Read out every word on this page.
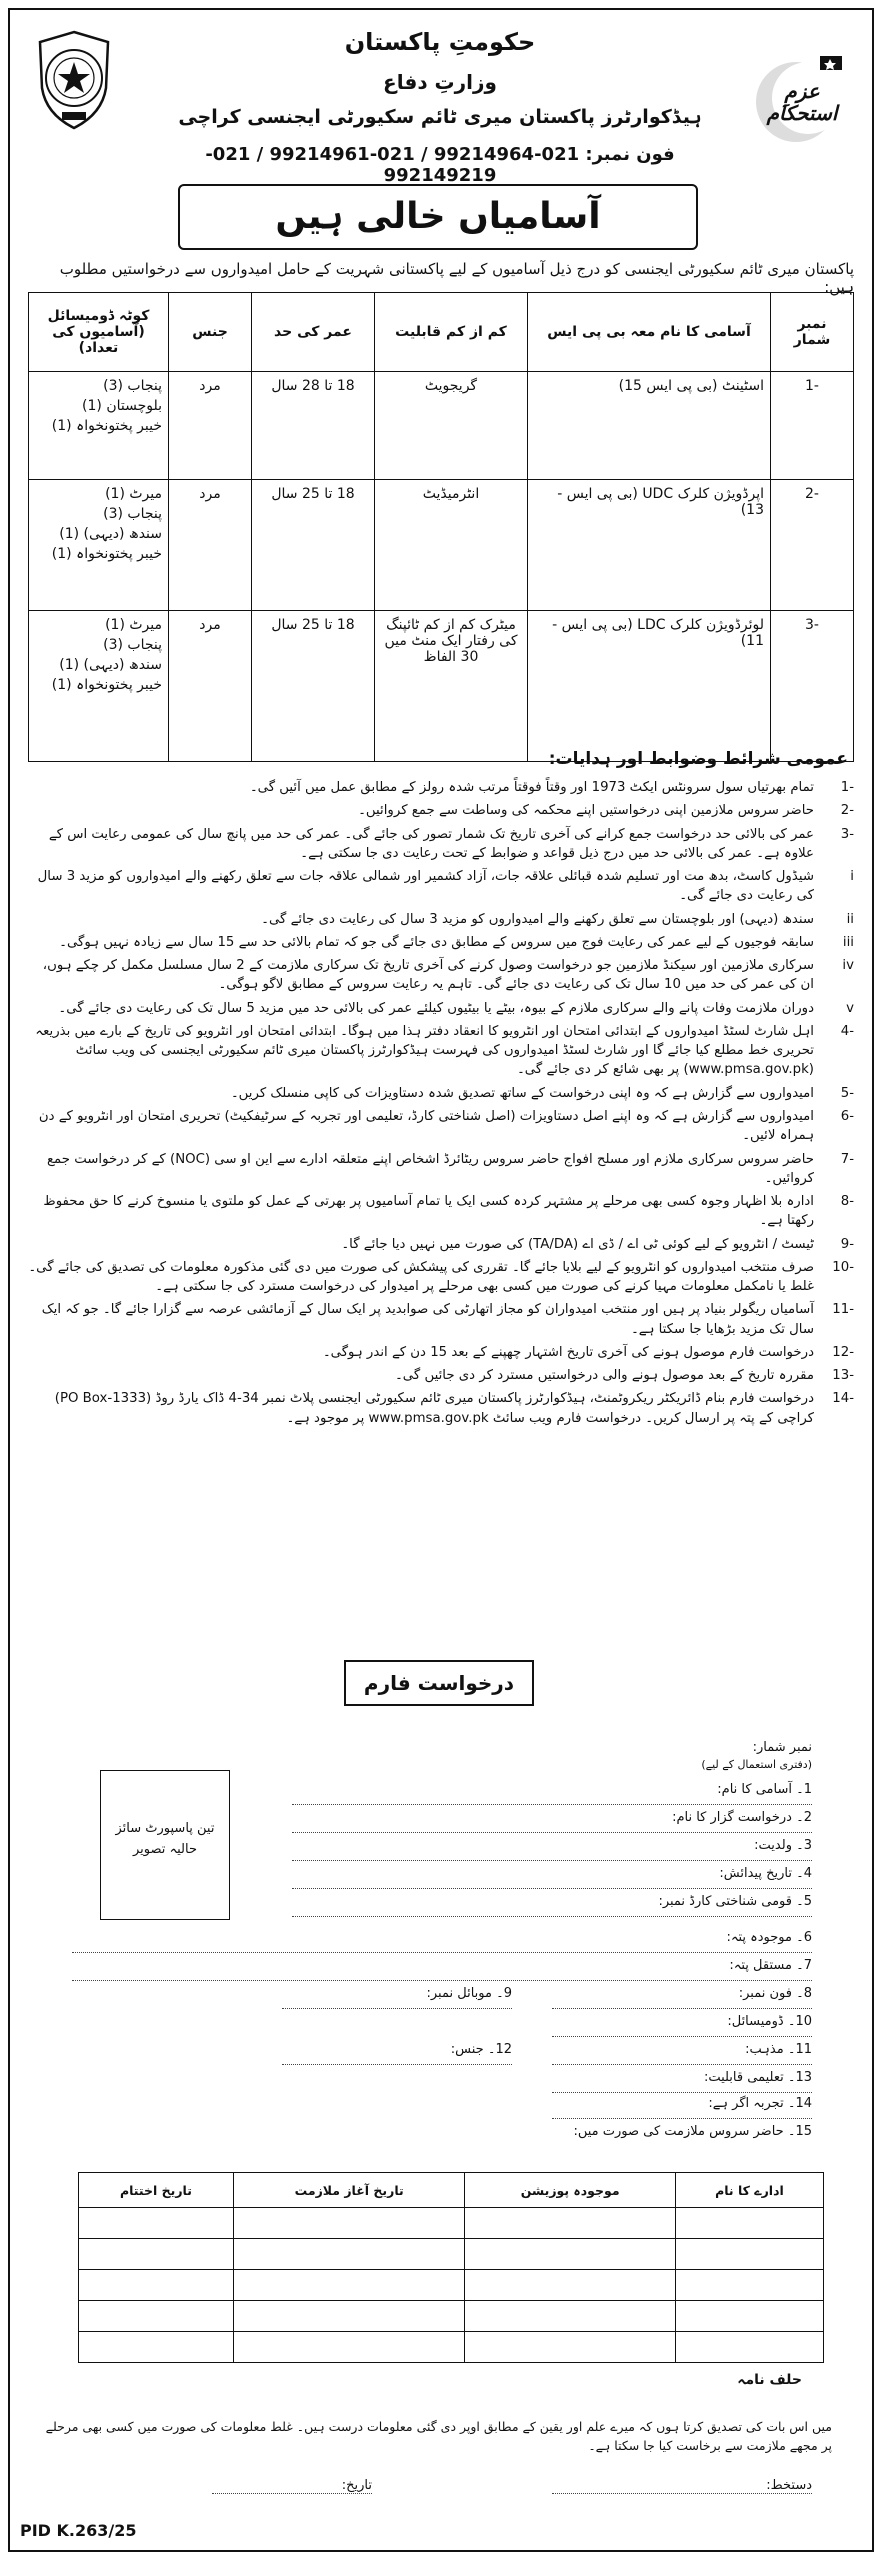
عزمِ استحکام
حکومتِ پاکستان
وزارتِ دفاع
ہیڈکوارٹرز پاکستان میری ٹائم سکیورٹی ایجنسی کراچی
فون نمبر: 021-99214964 / 021-99214961 / 021-992149219
آسامیاں خالی ہیں
پاکستان میری ٹائم سکیورٹی ایجنسی کو درج ذیل آسامیوں کے لیے پاکستانی شہریت کے حامل امیدواروں سے درخواستیں مطلوب ہیں:
نمبر شمار	آسامی کا نام معہ بی پی ایس	کم از کم قابلیت	عمر کی حد	جنس	کوٹہ ڈومیسائل (آسامیوں کی تعداد)
-1	اسٹینٹ (بی پی ایس 15)	گریجویٹ	18 تا 28 سال	مرد	پنجاب (3)
بلوچستان (1)
خیبر پختونخواہ (1)

-2	اپرڈویژن کلرک UDC (بی پی ایس - 13)	انٹرمیڈیٹ	18 تا 25 سال	مرد	میرٹ (1)
پنجاب (3)
سندھ (دیہی) (1)
خیبر پختونخواہ (1)

-3	لوئرڈویژن کلرک LDC (بی پی ایس - 11)	میٹرک کم از کم ٹائپنگ کی رفتار ایک منٹ میں 30 الفاظ	18 تا 25 سال	مرد	میرٹ (1)
پنجاب (3)
سندھ (دیہی) (1)
خیبر پختونخواہ (1)
عمومی شرائط وضوابط اور ہدایات:
-1
تمام بھرتیاں سول سرونٹس ایکٹ 1973 اور وقتاً فوقتاً مرتب شدہ رولز کے مطابق عمل میں آئیں گی۔
-2
حاضر سروس ملازمین اپنی درخواستیں اپنے محکمہ کی وساطت سے جمع کروائیں۔
-3
عمر کی بالائی حد درخواست جمع کرانے کی آخری تاریخ تک شمار تصور کی جائے گی۔ عمر کی حد میں پانچ سال کی عمومی رعایت اس کے علاوہ ہے۔ عمر کی بالائی حد میں درج ذیل قواعد و ضوابط کے تحت رعایت دی جا سکتی ہے۔
i
شیڈول کاسٹ، بدھ مت اور تسلیم شدہ قبائلی علاقہ جات، آزاد کشمیر اور شمالی علاقہ جات سے تعلق رکھنے والے امیدواروں کو مزید 3 سال کی رعایت دی جائے گی۔
ii
سندھ (دیہی) اور بلوچستان سے تعلق رکھنے والے امیدواروں کو مزید 3 سال کی رعایت دی جائے گی۔
iii
سابقہ فوجیوں کے لیے عمر کی رعایت فوج میں سروس کے مطابق دی جائے گی جو کہ تمام بالائی حد سے 15 سال سے زیادہ نہیں ہوگی۔
iv
سرکاری ملازمین اور سیکنڈ ملازمین جو درخواست وصول کرنے کی آخری تاریخ تک سرکاری ملازمت کے 2 سال مسلسل مکمل کر چکے ہوں، ان کی عمر کی حد میں 10 سال تک کی رعایت دی جائے گی۔ تاہم یہ رعایت سروس کے مطابق لاگو ہوگی۔
v
دوران ملازمت وفات پانے والے سرکاری ملازم کے بیوہ، بیٹے یا بیٹیوں کیلئے عمر کی بالائی حد میں مزید 5 سال تک کی رعایت دی جائے گی۔
-4
اہل شارٹ لسٹڈ امیدواروں کے ابتدائی امتحان اور انٹرویو کا انعقاد دفتر ہذا میں ہوگا۔ ابتدائی امتحان اور انٹرویو کی تاریخ کے بارے میں بذریعہ تحریری خط مطلع کیا جائے گا اور شارٹ لسٹڈ امیدواروں کی فہرست ہیڈکوارٹرز پاکستان میری ٹائم سکیورٹی ایجنسی کی ویب سائٹ (www.pmsa.gov.pk) پر بھی شائع کر دی جائے گی۔
-5
امیدواروں سے گزارش ہے کہ وہ اپنی درخواست کے ساتھ تصدیق شدہ دستاویزات کی کاپی منسلک کریں۔
-6
امیدواروں سے گزارش ہے کہ وہ اپنے اصل دستاویزات (اصل شناختی کارڈ، تعلیمی اور تجربہ کے سرٹیفکیٹ) تحریری امتحان اور انٹرویو کے دن ہمراہ لائیں۔
-7
حاضر سروس سرکاری ملازم اور مسلح افواج حاضر سروس ریٹائرڈ اشخاص اپنے متعلقہ ادارے سے این او سی (NOC) کے کر درخواست جمع کروائیں۔
-8
ادارہ بلا اظہار وجوہ کسی بھی مرحلے پر مشتہر کردہ کسی ایک یا تمام آسامیوں پر بھرتی کے عمل کو ملتوی یا منسوخ کرنے کا حق محفوظ رکھتا ہے۔
-9
ٹیسٹ / انٹرویو کے لیے کوئی ٹی اے / ڈی اے (TA/DA) کی صورت میں نہیں دیا جائے گا۔
-10
صرف منتخب امیدواروں کو انٹرویو کے لیے بلایا جائے گا۔ تقرری کی پیشکش کی صورت میں دی گئی مذکورہ معلومات کی تصدیق کی جائے گی۔ غلط یا نامکمل معلومات مہیا کرنے کی صورت میں کسی بھی مرحلے پر امیدوار کی درخواست مسترد کی جا سکتی ہے۔
-11
آسامیاں ریگولر بنیاد پر ہیں اور منتخب امیدواران کو مجاز اتھارٹی کی صوابدید پر ایک سال کے آزمائشی عرصہ سے گزارا جائے گا۔ جو کہ ایک سال تک مزید بڑھایا جا سکتا ہے۔
-12
درخواست فارم موصول ہونے کی آخری تاریخ اشتہار چھپنے کے بعد 15 دن کے اندر ہوگی۔
-13
مقررہ تاریخ کے بعد موصول ہونے والی درخواستیں مسترد کر دی جائیں گی۔
-14
درخواست فارم بنام ڈائریکٹر ریکروٹمنٹ، ہیڈکوارٹرز پاکستان میری ٹائم سکیورٹی ایجنسی پلاٹ نمبر 34-4 ڈاک یارڈ روڈ (PO Box-1333) کراچی کے پتہ پر ارسال کریں۔ درخواست فارم ویب سائٹ www.pmsa.gov.pk پر موجود ہے۔
درخواست فارم
نمبر شمار:
(دفتری استعمال کے لیے)
تین پاسپورٹ سائز
حالیہ تصویر
1۔ آسامی کا نام:
2۔ درخواست گزار کا نام:
3۔ ولدیت:
4۔ تاریخ پیدائش:
5۔ قومی شناختی کارڈ نمبر:
6۔ موجودہ پتہ:
7۔ مستقل پتہ:
8۔ فون نمبر:
9۔ موبائل نمبر:
10۔ ڈومیسائل:
11۔ مذہب:
12۔ جنس:
13۔ تعلیمی قابلیت:
14۔ تجربہ اگر ہے:
15۔ حاضر سروس ملازمت کی صورت میں:
ادارے کا نام	موجودہ پوزیشن	تاریخ آغاز ملازمت	تاریخ اختتام

حلف نامہ
میں اس بات کی تصدیق کرتا ہوں کہ میرے علم اور یقین کے مطابق اوپر دی گئی معلومات درست ہیں۔ غلط معلومات کی صورت میں کسی بھی مرحلے پر مجھے ملازمت سے برخاست کیا جا سکتا ہے۔
دستخط:
تاریخ:
PID K.263/25
